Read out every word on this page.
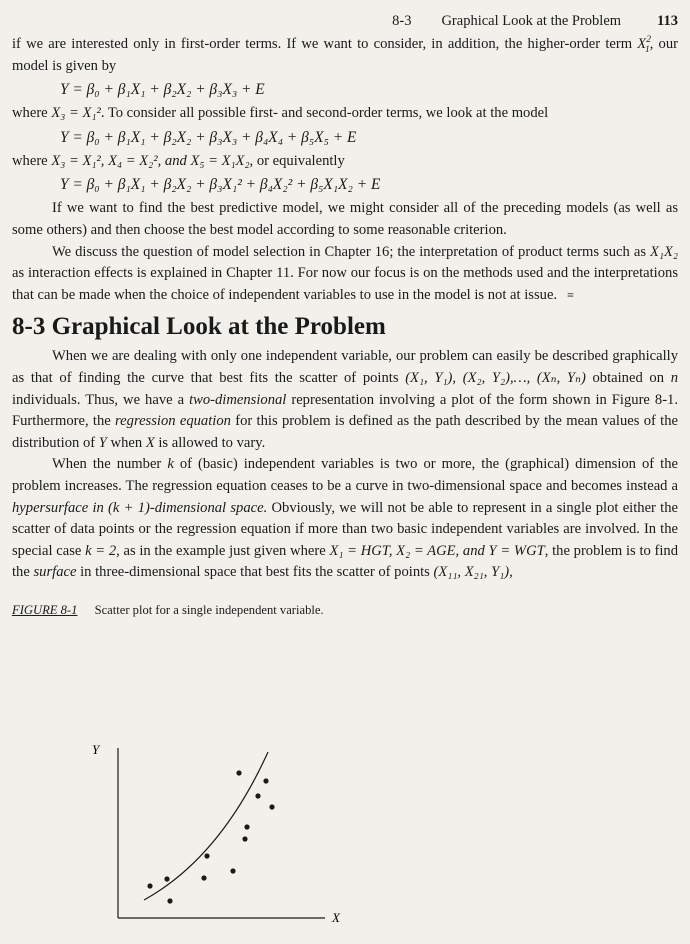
8-3 Graphical Look at the Problem 113

if we are interested only in first-order terms. If we want to consider, in addition, the higher-order term $X^2_1$, our model is given by

Y = β₀ + β₁X₁ + β₂X₂ + β₃X₃ + E

where X₃ = X₁². To consider all possible first- and second-order terms, we look at the model

Y = β₀ + β₁X₁ + β₂X₂ + β₃X₃ + β₄X₄ + β₅X₅ + E

where X₃ = X₁², X₄ = X₂², and X₅ = X₁X₂, or equivalently

Y = β₀ + β₁X₁ + β₂X₂ + β₃X₁² + β₄X₂² + β₅X₁X₂ + E

If we want to find the best predictive model, we might consider all of the preceding models (as well as some others) and then choose the best model according to some reasonable criterion.

We discuss the question of model selection in Chapter 16; the interpretation of product terms such as X₁X₂ as interaction effects is explained in Chapter 11. For now our focus is on the methods used and the interpretations that can be made when the choice of independent variables to use in the model is not at issue. ≡

8-3 Graphical Look at the Problem

When we are dealing with only one independent variable, our problem can easily be described graphically as that of finding the curve that best fits the scatter of points (X₁, Y₁), (X₂, Y₂),…, (Xₙ, Yₙ) obtained on n individuals. Thus, we have a two-dimensional representation involving a plot of the form shown in Figure 8-1. Furthermore, the regression equation for this problem is defined as the path described by the mean values of the distribution of Y when X is allowed to vary.

When the number k of (basic) independent variables is two or more, the (graphical) dimension of the problem increases. The regression equation ceases to be a curve in two-dimensional space and becomes instead a hypersurface in (k + 1)-dimensional space. Obviously, we will not be able to represent in a single plot either the scatter of data points or the regression equation if more than two basic independent variables are involved. In the special case k = 2, as in the example just given where X₁ = HGT, X₂ = AGE, and Y = WGT, the problem is to find the surface in three-dimensional space that best fits the scatter of points (X₁₁, X₂₁, Y₁),

FIGURE 8-1 Scatter plot for a single independent variable.
Y
X
